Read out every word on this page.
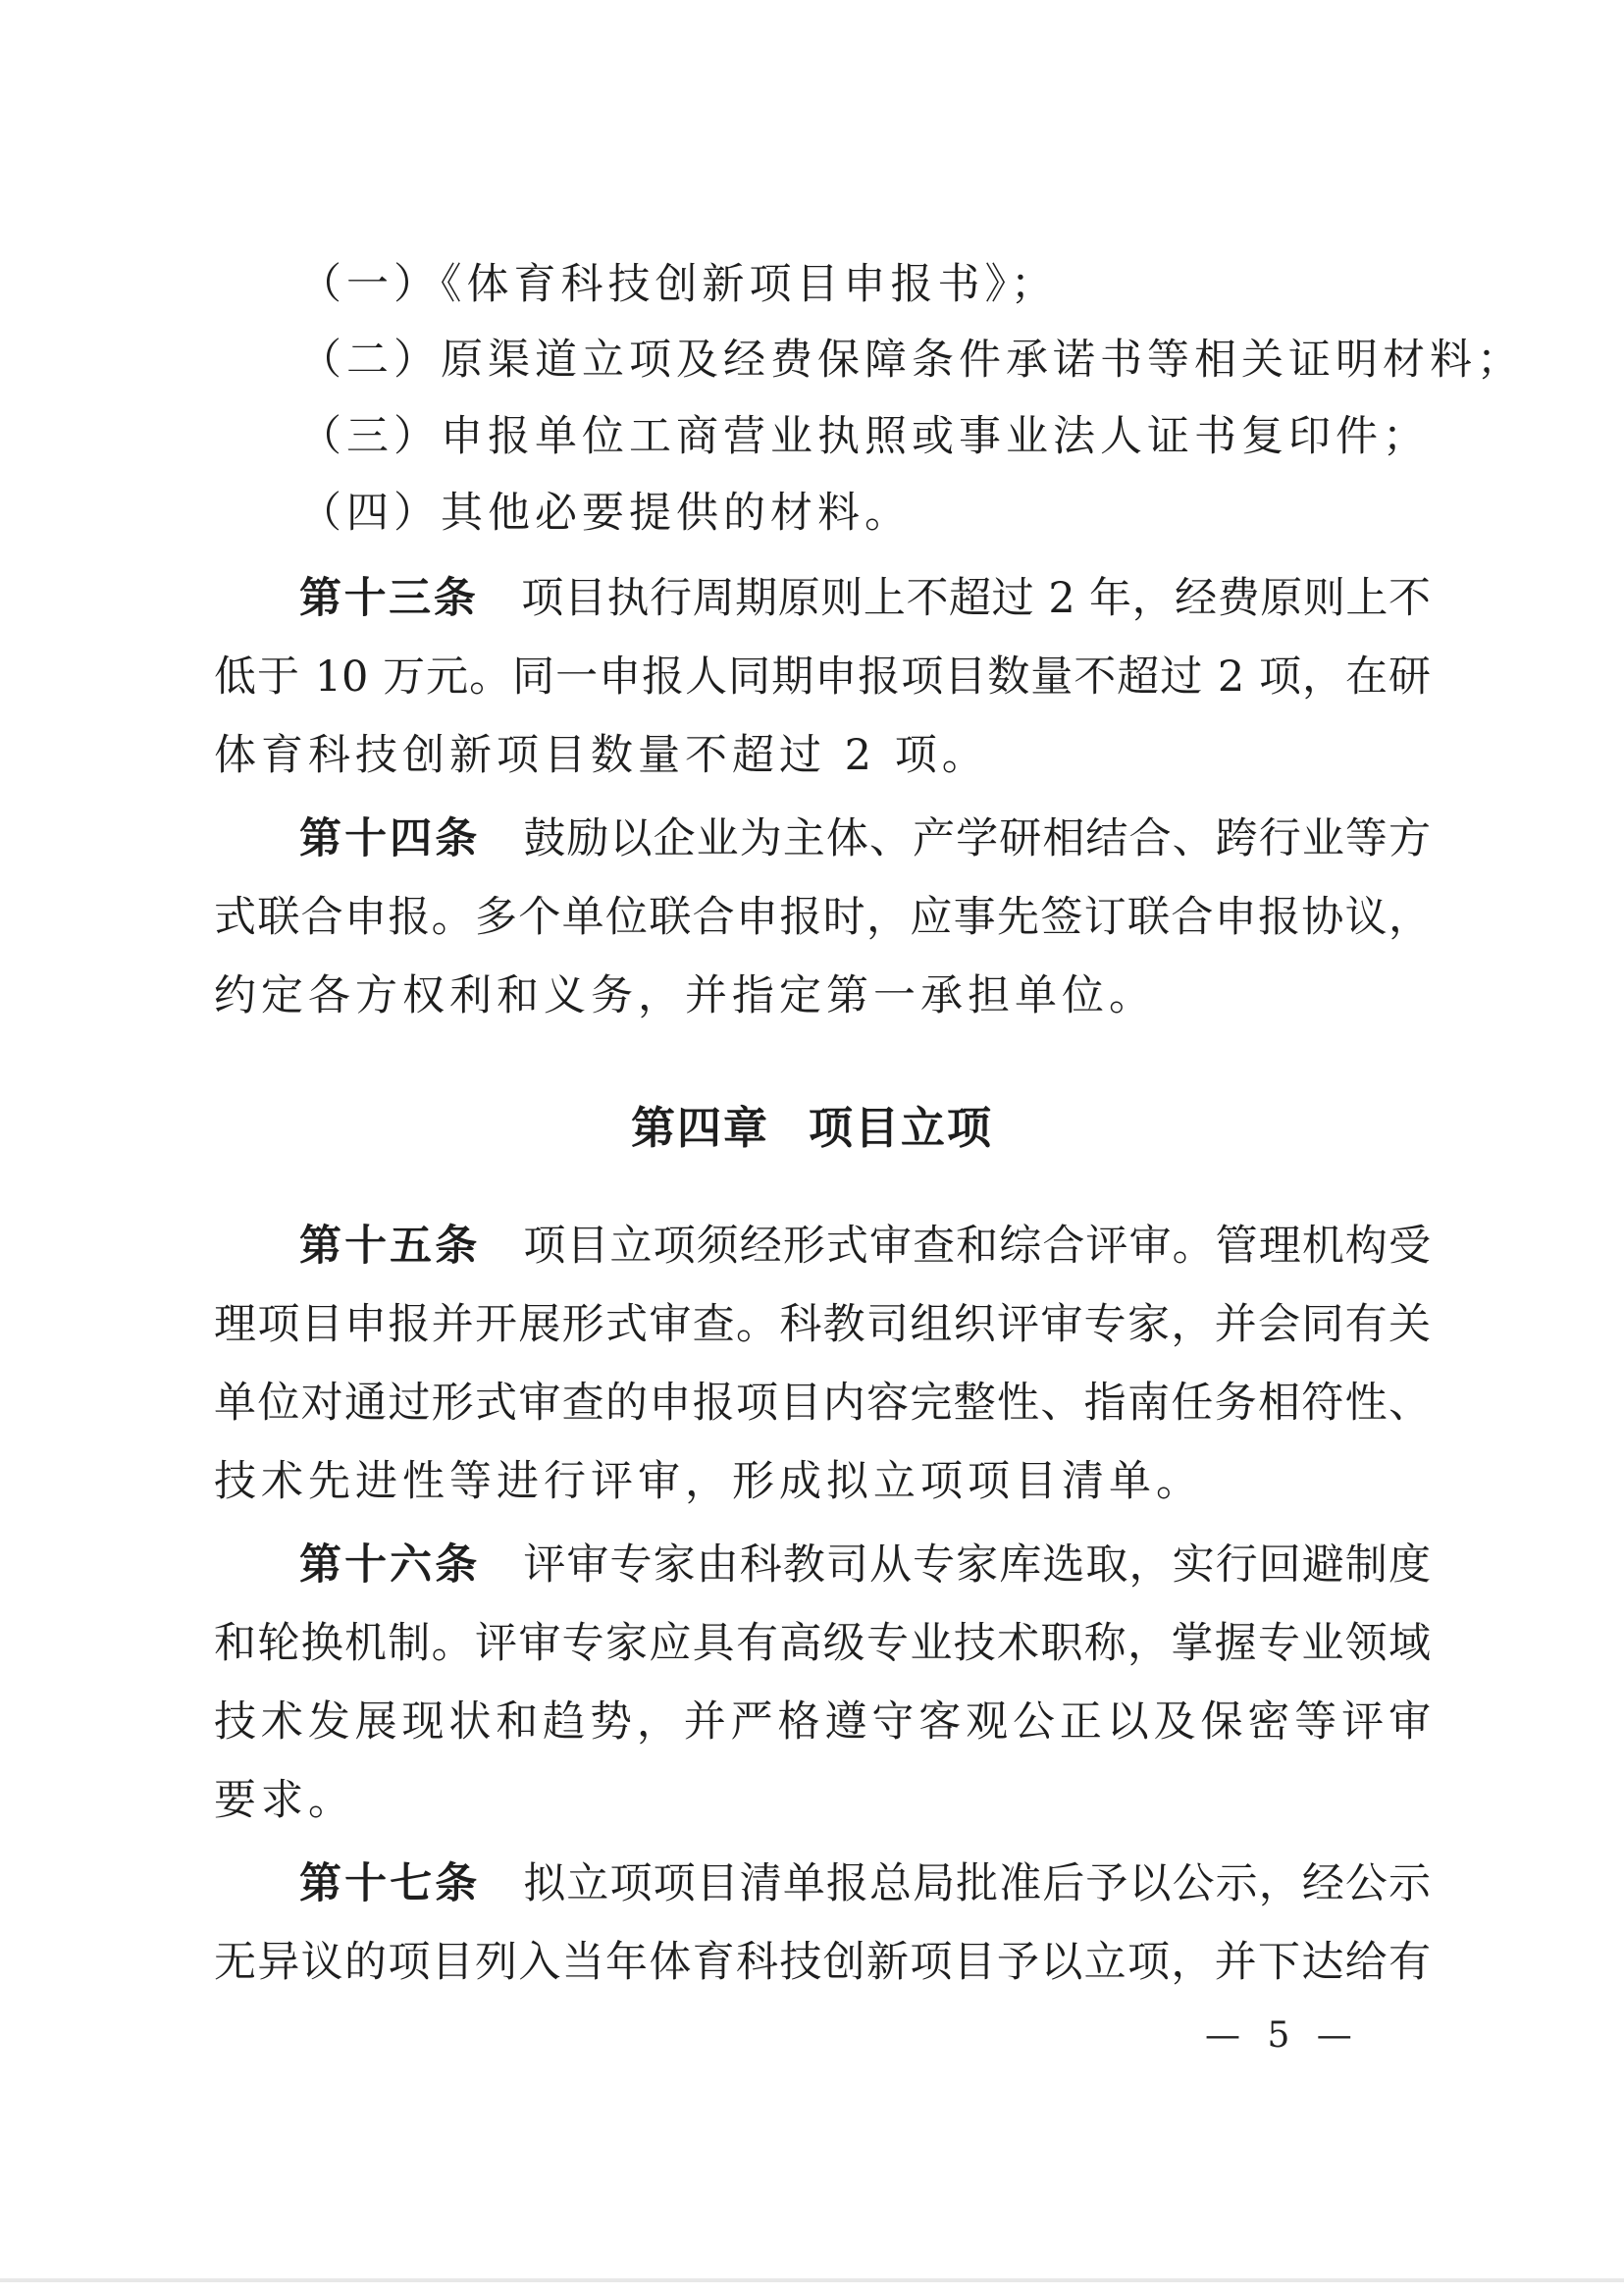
（一）《体育科技创新项目申报书》；
（二）原渠道立项及经费保障条件承诺书等相关证明材料；
（三）申报单位工商营业执照或事业法人证书复印件；
（四）其他必要提供的材料。
第十三条 项目执行周期原则上不超过 2 年，经费原则上不
低于 10 万元。同一申报人同期申报项目数量不超过 2 项，在研
体育科技创新项目数量不超过 2 项。
第十四条 鼓励以企业为主体、产学研相结合、跨行业等方
式联合申报。多个单位联合申报时，应事先签订联合申报协议，
约定各方权利和义务，并指定第一承担单位。
第四章 项目立项
第十五条 项目立项须经形式审查和综合评审。管理机构受
理项目申报并开展形式审查。科教司组织评审专家，并会同有关
单位对通过形式审查的申报项目内容完整性、指南任务相符性、
技术先进性等进行评审，形成拟立项项目清单。
第十六条 评审专家由科教司从专家库选取，实行回避制度
和轮换机制。评审专家应具有高级专业技术职称，掌握专业领域
技术发展现状和趋势，并严格遵守客观公正以及保密等评审
要求。
第十七条 拟立项项目清单报总局批准后予以公示，经公示
无异议的项目列入当年体育科技创新项目予以立项，并下达给有
— 5 —
